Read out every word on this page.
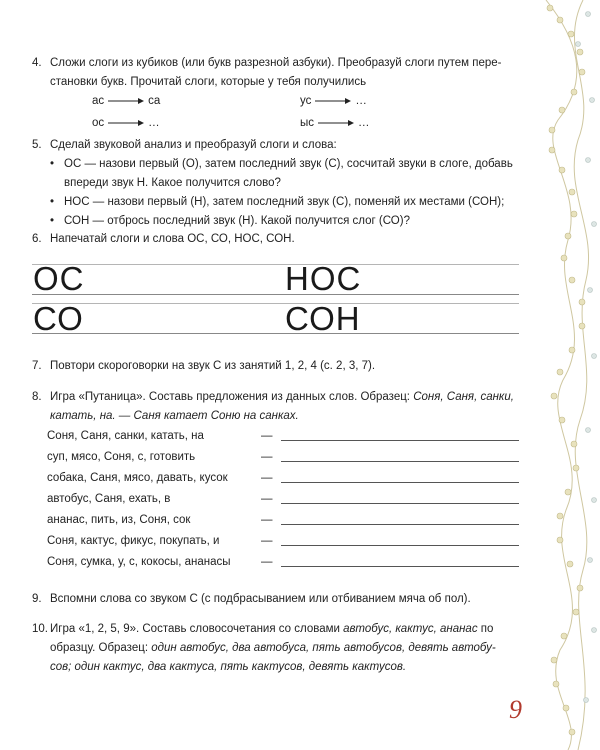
4. Сложи слоги из кубиков (или букв разрезной азбуки). Преобразуй слоги путем пере-
становки букв. Прочитай слоги, которые у тебя получились
ас	са	ус	…
ос	…	ыс	…
5. Сделай звуковой анализ и преобразуй слоги и слова:
• ОС — назови первый (О), затем последний звук (С), сосчитай звуки в слоге, добавь
впереди звук Н. Какое получится слово?
• НОС — назови первый (Н), затем последний звук (С), поменяй их местами (СОН);
• СОН — отбрось последний звук (Н). Какой получится слог (СО)?
6. Напечатай слоги и слова ОС, СО, НОС, СОН.
ОС	НОС
СО	СОН
7. Повтори скороговорки на звук С из занятий 1, 2, 4 (с. 2, 3, 7).
8. Игра «Путаница». Составь предложения из данных слов. Образец: Соня, Саня, санки,
катать, на. — Саня катает Соню на санках.
Соня, Саня, санки, катать, на	—
суп, мясо, Соня, с, готовить	—
собака, Саня, мясо, давать, кусок	—
автобус, Саня, ехать, в	—
ананас, пить, из, Соня, сок	—
Соня, кактус, фикус, покупать, и	—
Соня, сумка, у, с, кокосы, ананасы	—
9. Вспомни слова со звуком С (с подбрасыванием или отбиванием мяча об пол).
10. Игра «1, 2, 5, 9». Составь словосочетания со словами автобус, кактус, ананас по
образцу. Образец: один автобус, два автобуса, пять автобусов, девять автобу-
сов; один кактус, два кактуса, пять кактусов, девять кактусов.
9
